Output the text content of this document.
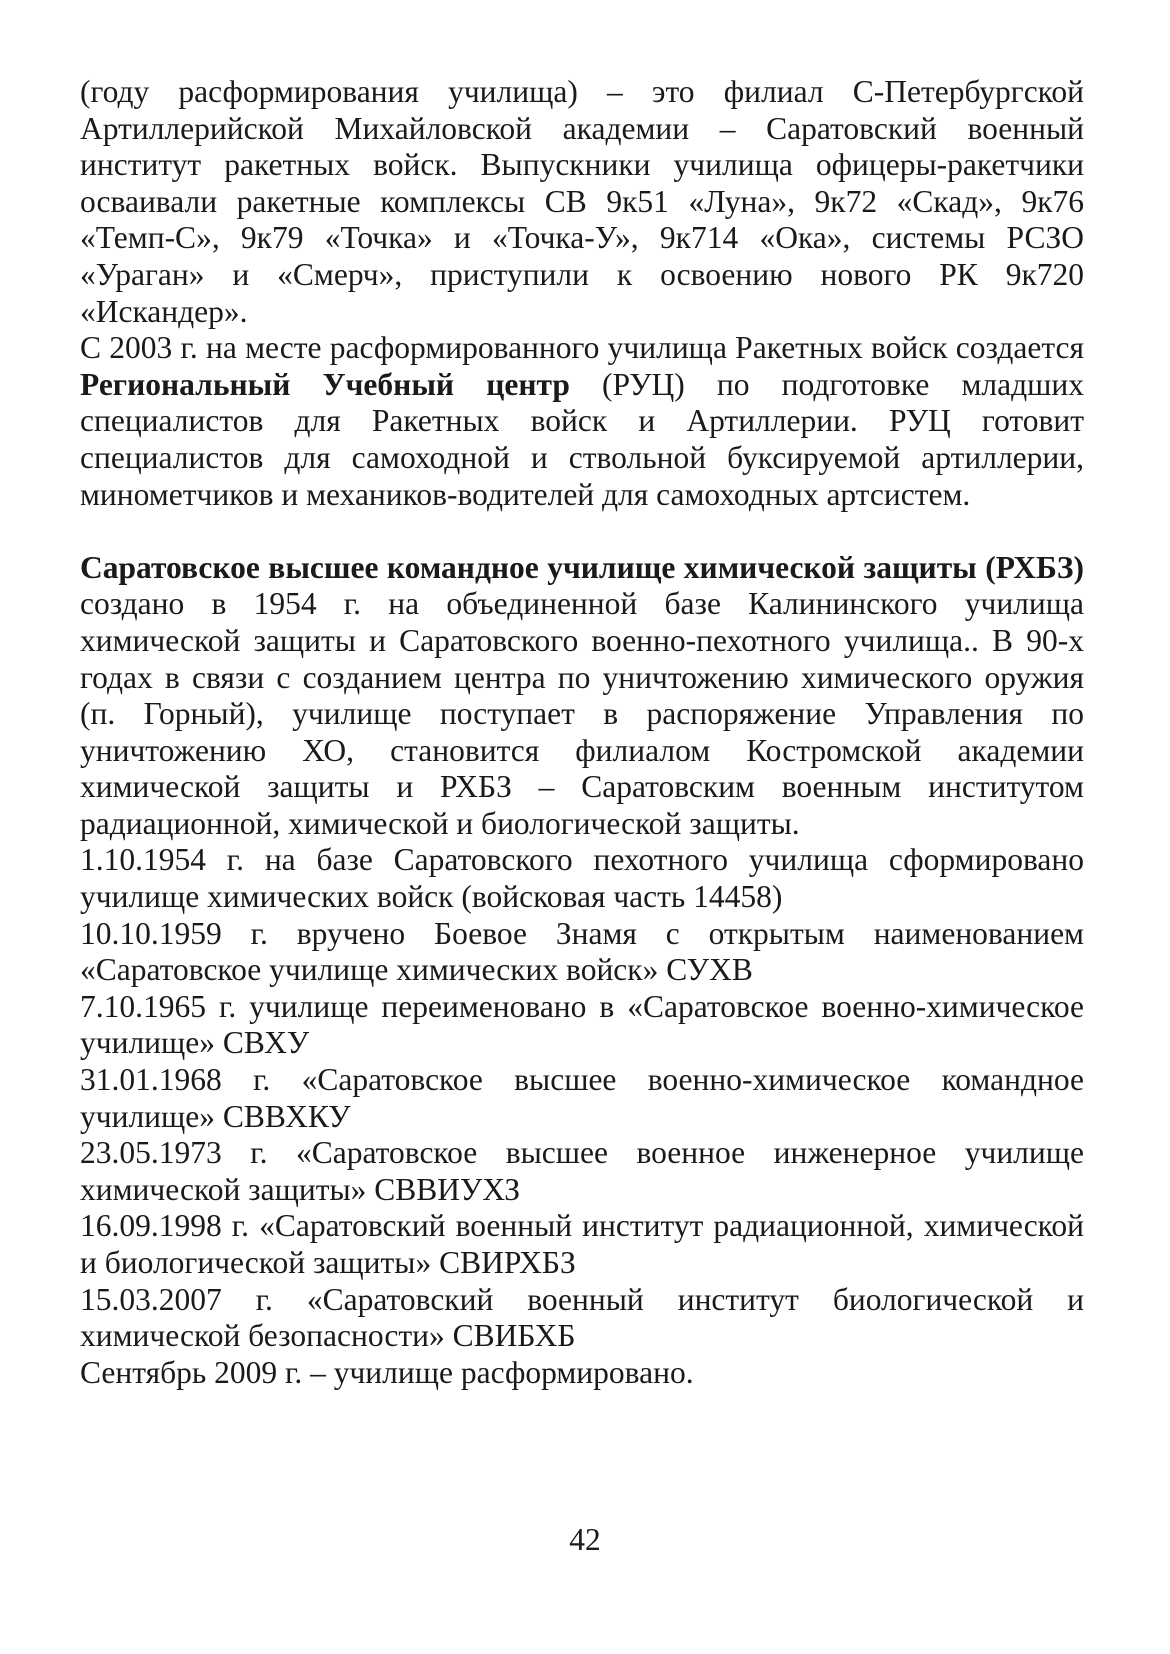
(году расформирования училища) – это филиал С-Петербургской Артиллерийской Михайловской академии – Саратовский военный институт ракетных войск. Выпускники училища офицеры-ракетчики осваивали ракетные комплексы СВ 9к51 «Луна», 9к72 «Скад», 9к76 «Темп-С», 9к79 «Точка» и «Точка-У», 9к714 «Ока», системы РСЗО «Ураган» и «Смерч», приступили к освоению нового РК 9к720 «Искандер».

С 2003 г. на месте расформированного училища Ракетных войск создается Региональный Учебный центр (РУЦ) по подготовке младших специалистов для Ракетных войск и Артиллерии. РУЦ готовит специалистов для самоходной и ствольной буксируемой артиллерии, минометчиков и механиков-водителей для самоходных артсистем.

Саратовское высшее командное училище химической защиты (РХБЗ) создано в 1954 г. на объединенной базе Калининского училища химической защиты и Саратовского военно-пехотного училища.. В 90-х годах в связи с созданием центра по уничтожению химического оружия (п. Горный), училище поступает в распоряжение Управления по уничтожению ХО, становится филиалом Костромской академии химической защиты и РХБЗ – Саратовским военным институтом радиационной, химической и биологической защиты.

1.10.1954 г. на базе Саратовского пехотного училища сформировано училище химических войск (войсковая часть 14458)

10.10.1959 г. вручено Боевое Знамя с открытым наименованием «Саратовское училище химических войск» СУХВ

7.10.1965 г. училище переименовано в «Саратовское военно-химическое училище» СВХУ

31.01.1968 г. «Саратовское высшее военно-химическое командное училище» СВВХКУ

23.05.1973 г. «Саратовское высшее военное инженерное училище химической защиты» СВВИУХЗ

16.09.1998 г. «Саратовский военный институт радиационной, химической и биологической защиты» СВИРХБЗ

15.03.2007 г. «Саратовский военный институт биологической и химической безопасности» СВИБХБ

Сентябрь 2009 г. – училище расформировано.

42
